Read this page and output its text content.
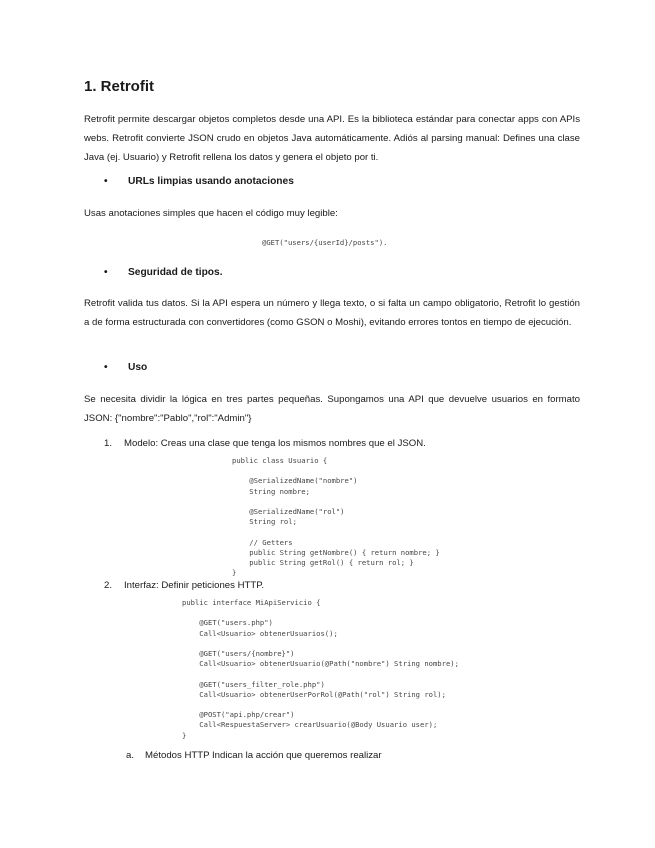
1. Retrofit

Retrofit permite descargar objetos completos desde una API. Es la biblioteca estándar para conectar apps con APIs webs. Retrofit convierte JSON crudo en objetos Java automáticamente. Adiós al parsing manual: Defines una clase Java (ej. Usuario) y Retrofit rellena los datos y genera el objeto por ti.

• URLs limpias usando anotaciones

Usas anotaciones simples que hacen el código muy legible:

@GET("users/{userId}/posts").

• Seguridad de tipos.

Retrofit valida tus datos. Si la API espera un número y llega texto, o si falta un campo obligatorio, Retrofit lo gestión a de forma estructurada con convertidores (como GSON o Moshi), evitando errores tontos en tiempo de ejecución.

• Uso

Se necesita dividir la lógica en tres partes pequeñas. Supongamos una API que devuelve usuarios en formato JSON: {"nombre":"Pablo","rol":"Admin"}

1. Modelo: Creas una clase que tenga los mismos nombres que el JSON.

public class Usuario {

@SerializedName("nombre")
String nombre;

@SerializedName("rol")
String rol;

// Getters
public String getNombre() { return nombre; }
public String getRol() { return rol; }
}

2. Interfaz: Definir peticiones HTTP.

public interface MiApiServicio {

@GET("users.php")
Call<Usuario> obtenerUsuarios();

@GET("users/{nombre}")
Call<Usuario> obtenerUsuario(@Path("nombre") String nombre);

@GET("users_filter_role.php")
Call<Usuario> obtenerUserPorRol(@Path("rol") String rol);

@POST("api.php/crear")
Call<RespuestaServer> crearUsuario(@Body Usuario user);
}

a. Métodos HTTP Indican la acción que queremos realizar
